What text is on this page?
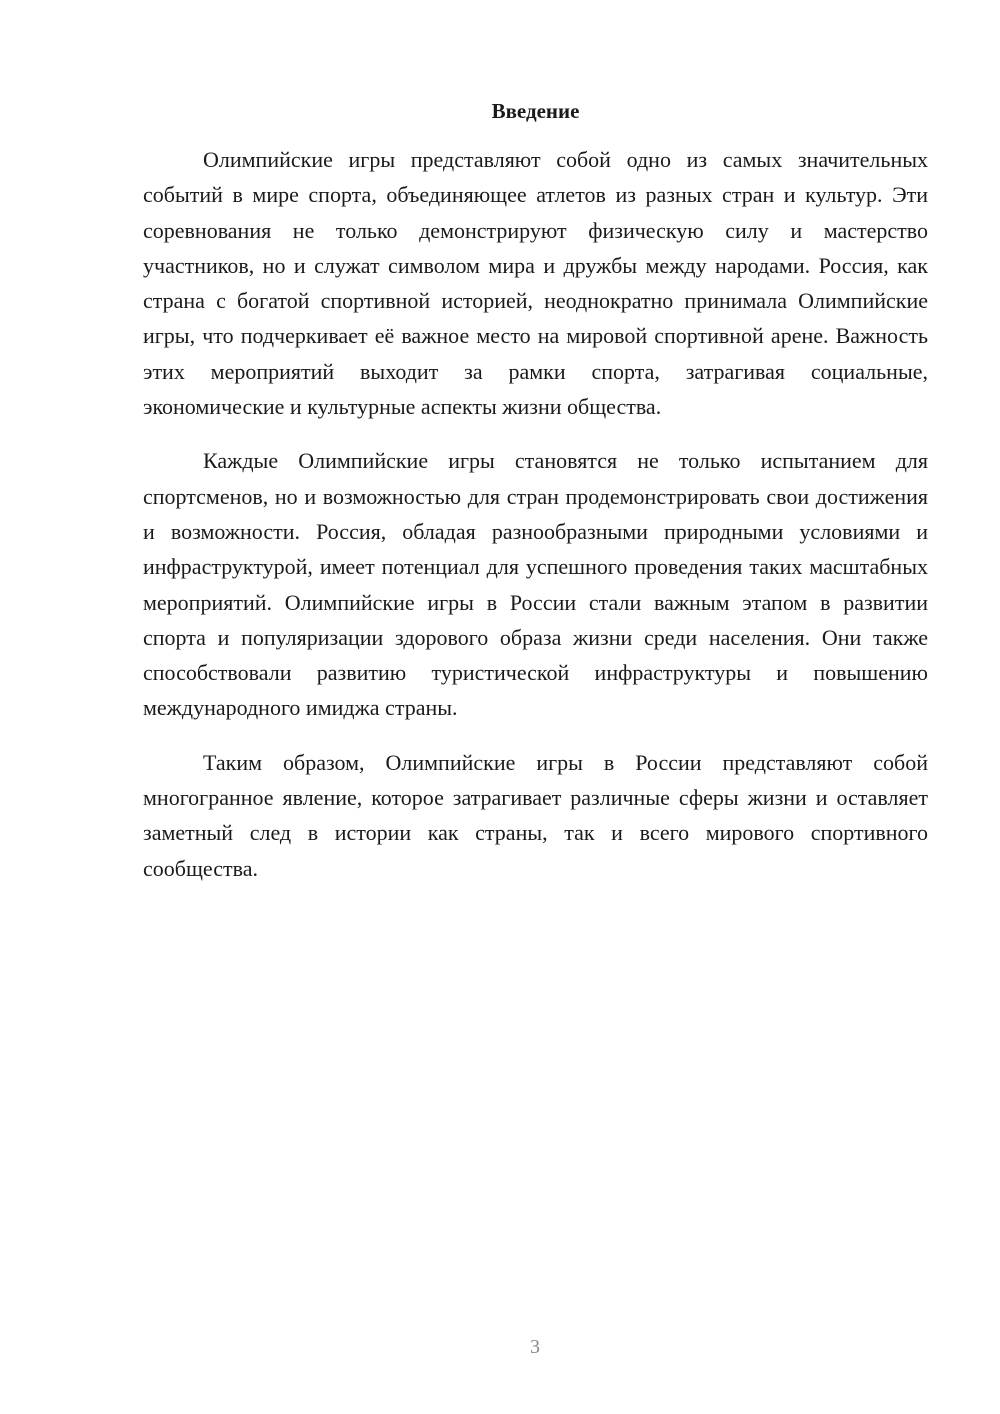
Введение

Олимпийские игры представляют собой одно из самых значительных событий в мире спорта, объединяющее атлетов из разных стран и культур. Эти соревнования не только демонстрируют физическую силу и мастерство участников, но и служат символом мира и дружбы между народами. Россия, как страна с богатой спортивной историей, неоднократно принимала Олимпийские игры, что подчеркивает её важное место на мировой спортивной арене. Важность этих мероприятий выходит за рамки спорта, затрагивая социальные, экономические и культурные аспекты жизни общества.

Каждые Олимпийские игры становятся не только испытанием для спортсменов, но и возможностью для стран продемонстрировать свои достижения и возможности. Россия, обладая разнообразными природными условиями и инфраструктурой, имеет потенциал для успешного проведения таких масштабных мероприятий. Олимпийские игры в России стали важным этапом в развитии спорта и популяризации здорового образа жизни среди населения. Они также способствовали развитию туристической инфраструктуры и повышению международного имиджа страны.

Таким образом, Олимпийские игры в России представляют собой многогранное явление, которое затрагивает различные сферы жизни и оставляет заметный след в истории как страны, так и всего мирового спортивного сообщества.

3
